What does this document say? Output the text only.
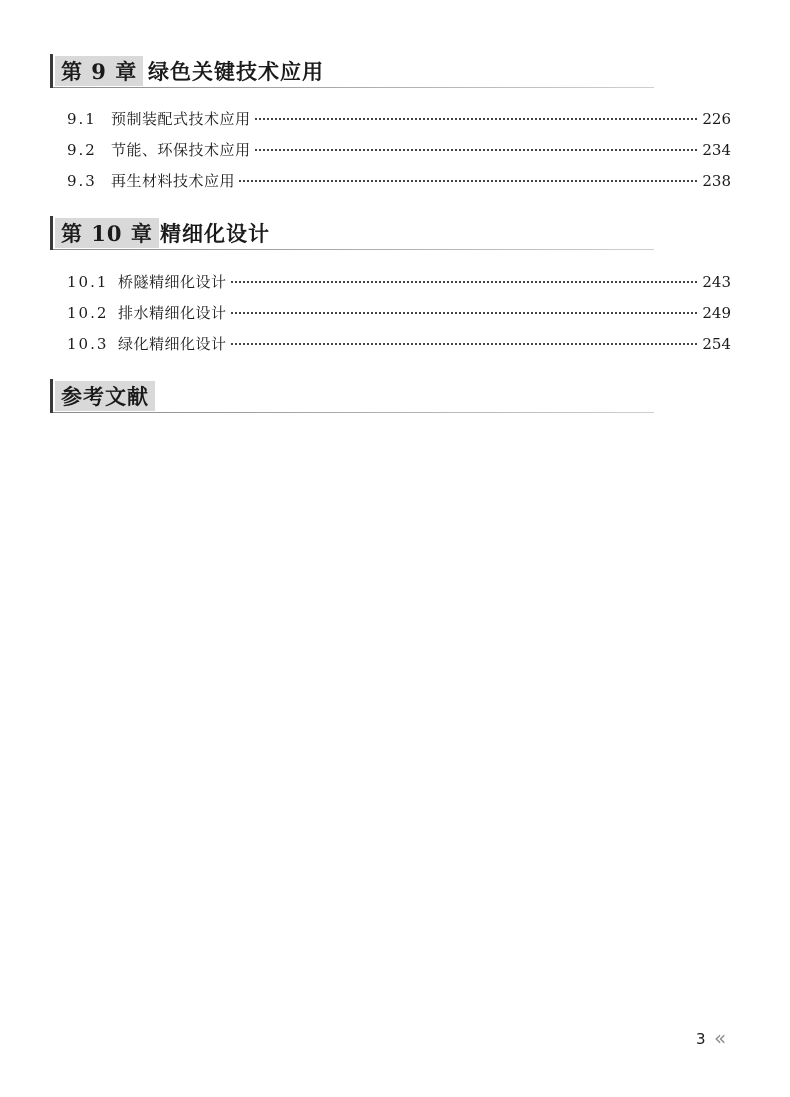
第 9 章 绿色关键技术应用
9.1 预制装配式技术应用	226
9.2 节能、环保技术应用	234
9.3 再生材料技术应用	238
第 10 章 精细化设计
10.1 桥隧精细化设计	243
10.2 排水精细化设计	249
10.3 绿化精细化设计	254
参考文献
3 «
